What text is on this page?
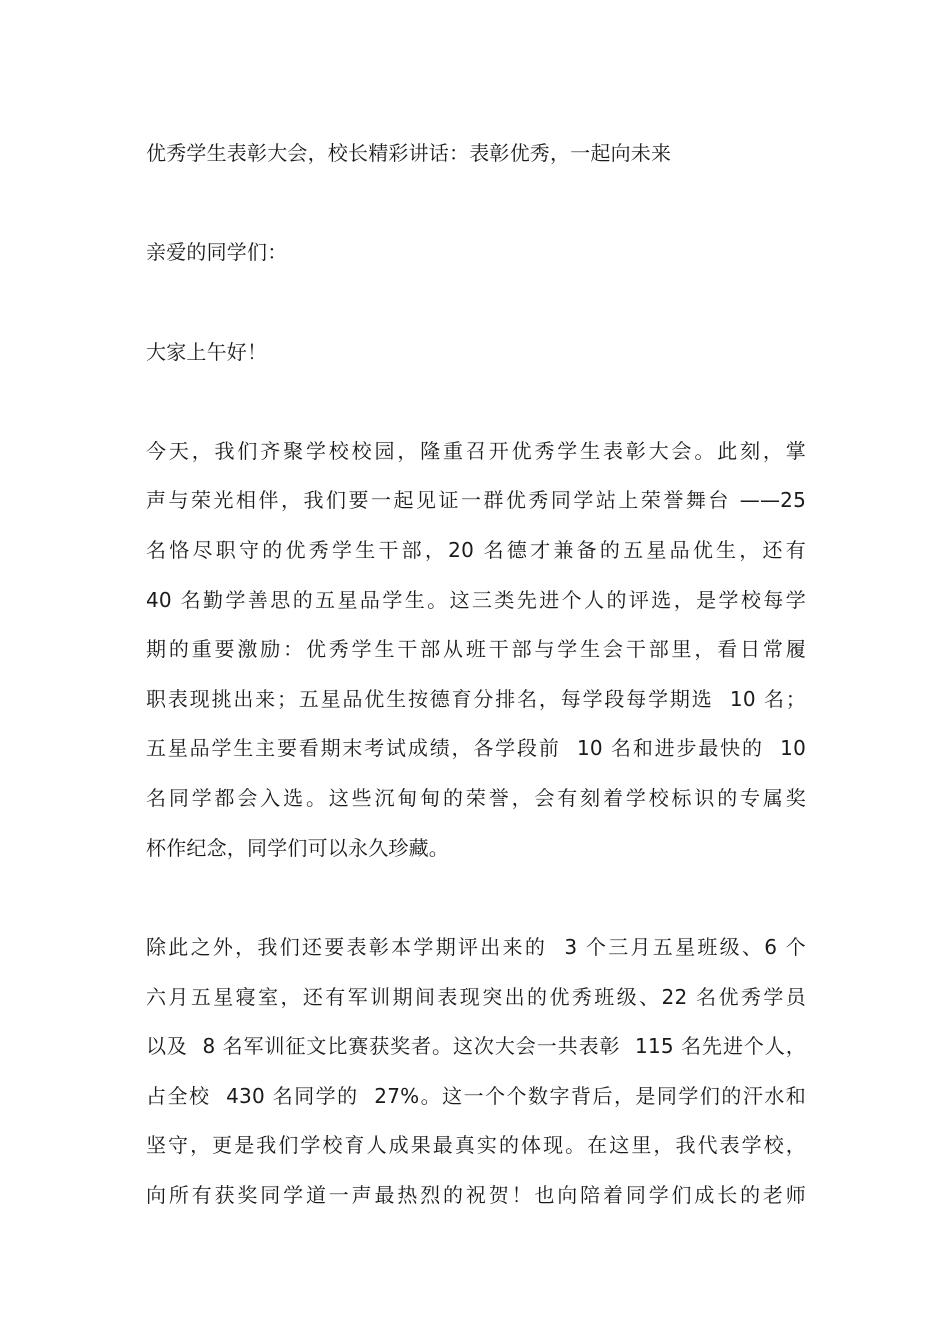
优秀学生表彰大会，校长精彩讲话：表彰优秀，一起向未来
亲爱的同学们：
大家上午好！
今天，我们齐聚学校校园，隆重召开优秀学生表彰大会。此刻，掌
声与荣光相伴，我们要一起见证一群优秀同学站上荣誉舞台 ——25
名恪尽职守的优秀学生干部，20 名德才兼备的五星品优生，还有
40 名勤学善思的五星品学生。这三类先进个人的评选，是学校每学
期的重要激励：优秀学生干部从班干部与学生会干部里，看日常履
职表现挑出来；五星品优生按德育分排名，每学段每学期选  10 名；
五星品学生主要看期末考试成绩，各学段前  10 名和进步最快的  10
名同学都会入选。这些沉甸甸的荣誉，会有刻着学校标识的专属奖
杯作纪念，同学们可以永久珍藏。
除此之外，我们还要表彰本学期评出来的  3 个三月五星班级、6 个
六月五星寝室，还有军训期间表现突出的优秀班级、22 名优秀学员
以及  8 名军训征文比赛获奖者。这次大会一共表彰  115 名先进个人，
占全校  430 名同学的  27%。这一个个数字背后，是同学们的汗水和
坚守，更是我们学校育人成果最真实的体现。在这里，我代表学校，
向所有获奖同学道一声最热烈的祝贺！也向陪着同学们成长的老师
